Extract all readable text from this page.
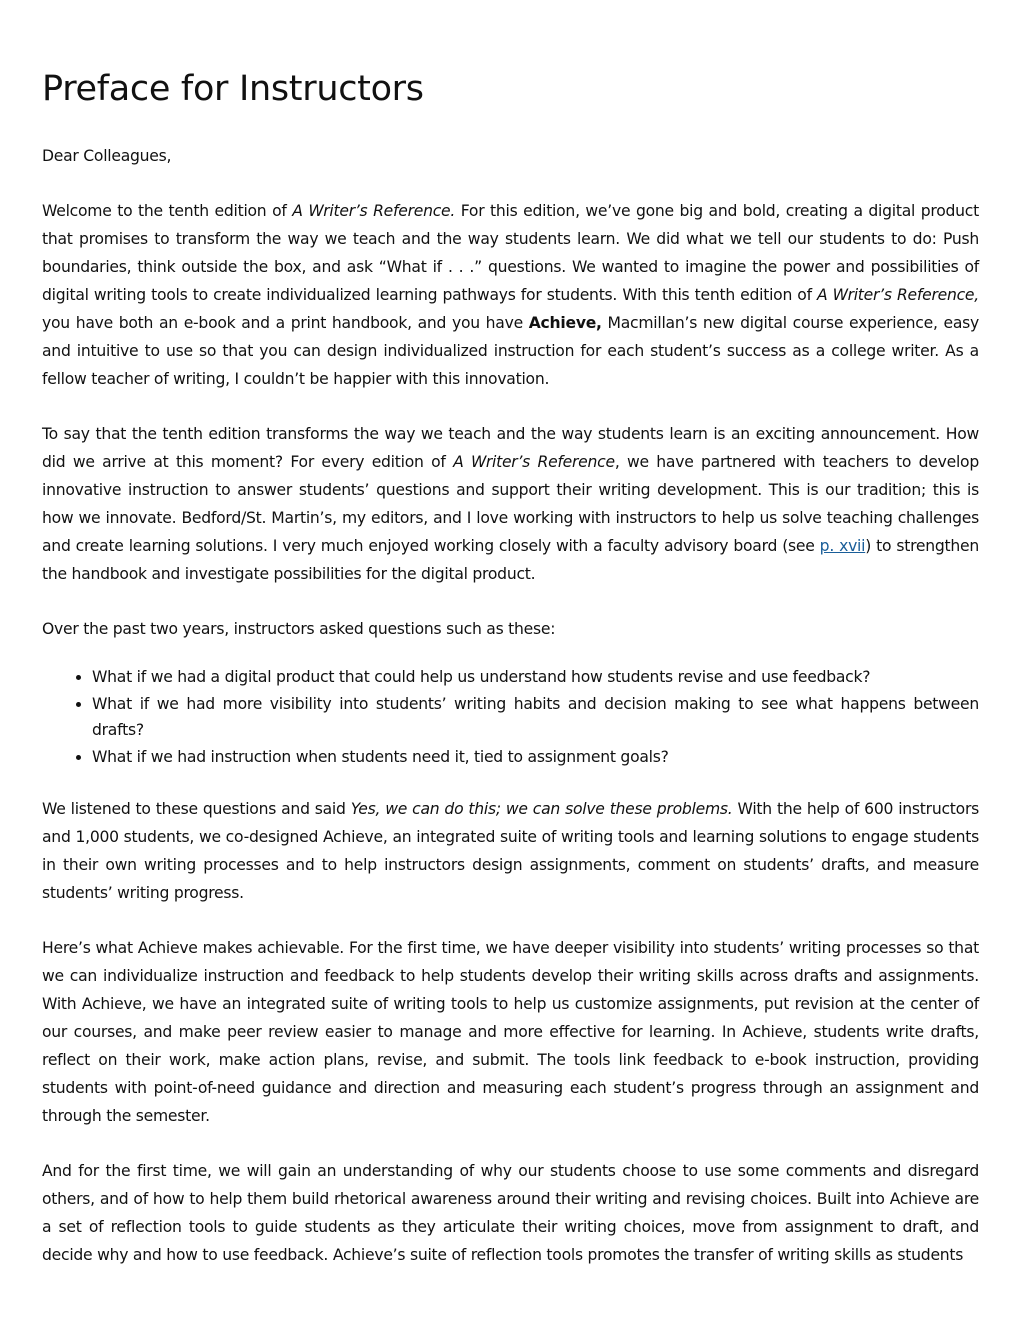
Preface for Instructors

Dear Colleagues,

Welcome to the tenth edition of A Writer’s Reference. For this edition, we’ve gone big and bold, creating a digital product that promises to transform the way we teach and the way students learn. We did what we tell our students to do: Push boundaries, think outside the box, and ask “What if . . .” questions. We wanted to imagine the power and possibilities of digital writing tools to create individualized learning pathways for students. With this tenth edition of A Writer’s Reference, you have both an e-book and a print handbook, and you have Achieve, Macmillan’s new digital course experience, easy and intuitive to use so that you can design individualized instruction for each student’s success as a college writer. As a fellow teacher of writing, I couldn’t be happier with this innovation.

To say that the tenth edition transforms the way we teach and the way students learn is an exciting announcement. How did we arrive at this moment? For every edition of A Writer’s Reference, we have partnered with teachers to develop innovative instruction to answer students’ questions and support their writing development. This is our tradition; this is how we innovate. Bedford/St. Martin’s, my editors, and I love working with instructors to help us solve teaching challenges and create learning solutions. I very much enjoyed working closely with a faculty advisory board (see p. xvii) to strengthen the handbook and investigate possibilities for the digital product.

Over the past two years, instructors asked questions such as these:

• What if we had a digital product that could help us understand how students revise and use feedback?
• What if we had more visibility into students’ writing habits and decision making to see what happens between drafts?
• What if we had instruction when students need it, tied to assignment goals?

We listened to these questions and said Yes, we can do this; we can solve these problems. With the help of 600 instructors and 1,000 students, we co-designed Achieve, an integrated suite of writing tools and learning solutions to engage students in their own writing processes and to help instructors design assignments, comment on students’ drafts, and measure students’ writing progress.

Here’s what Achieve makes achievable. For the first time, we have deeper visibility into students’ writing processes so that we can individualize instruction and feedback to help students develop their writing skills across drafts and assignments. With Achieve, we have an integrated suite of writing tools to help us customize assignments, put revision at the center of our courses, and make peer review easier to manage and more effective for learning. In Achieve, students write drafts, reflect on their work, make action plans, revise, and submit. The tools link feedback to e-book instruction, providing students with point-of-need guidance and direction and measuring each student’s progress through an assignment and through the semester.

And for the first time, we will gain an understanding of why our students choose to use some comments and disregard others, and of how to help them build rhetorical awareness around their writing and revising choices. Built into Achieve are a set of reflection tools to guide students as they articulate their writing choices, move from assignment to draft, and decide why and how to use feedback. Achieve’s suite of reflection tools promotes the transfer of writing skills as students
